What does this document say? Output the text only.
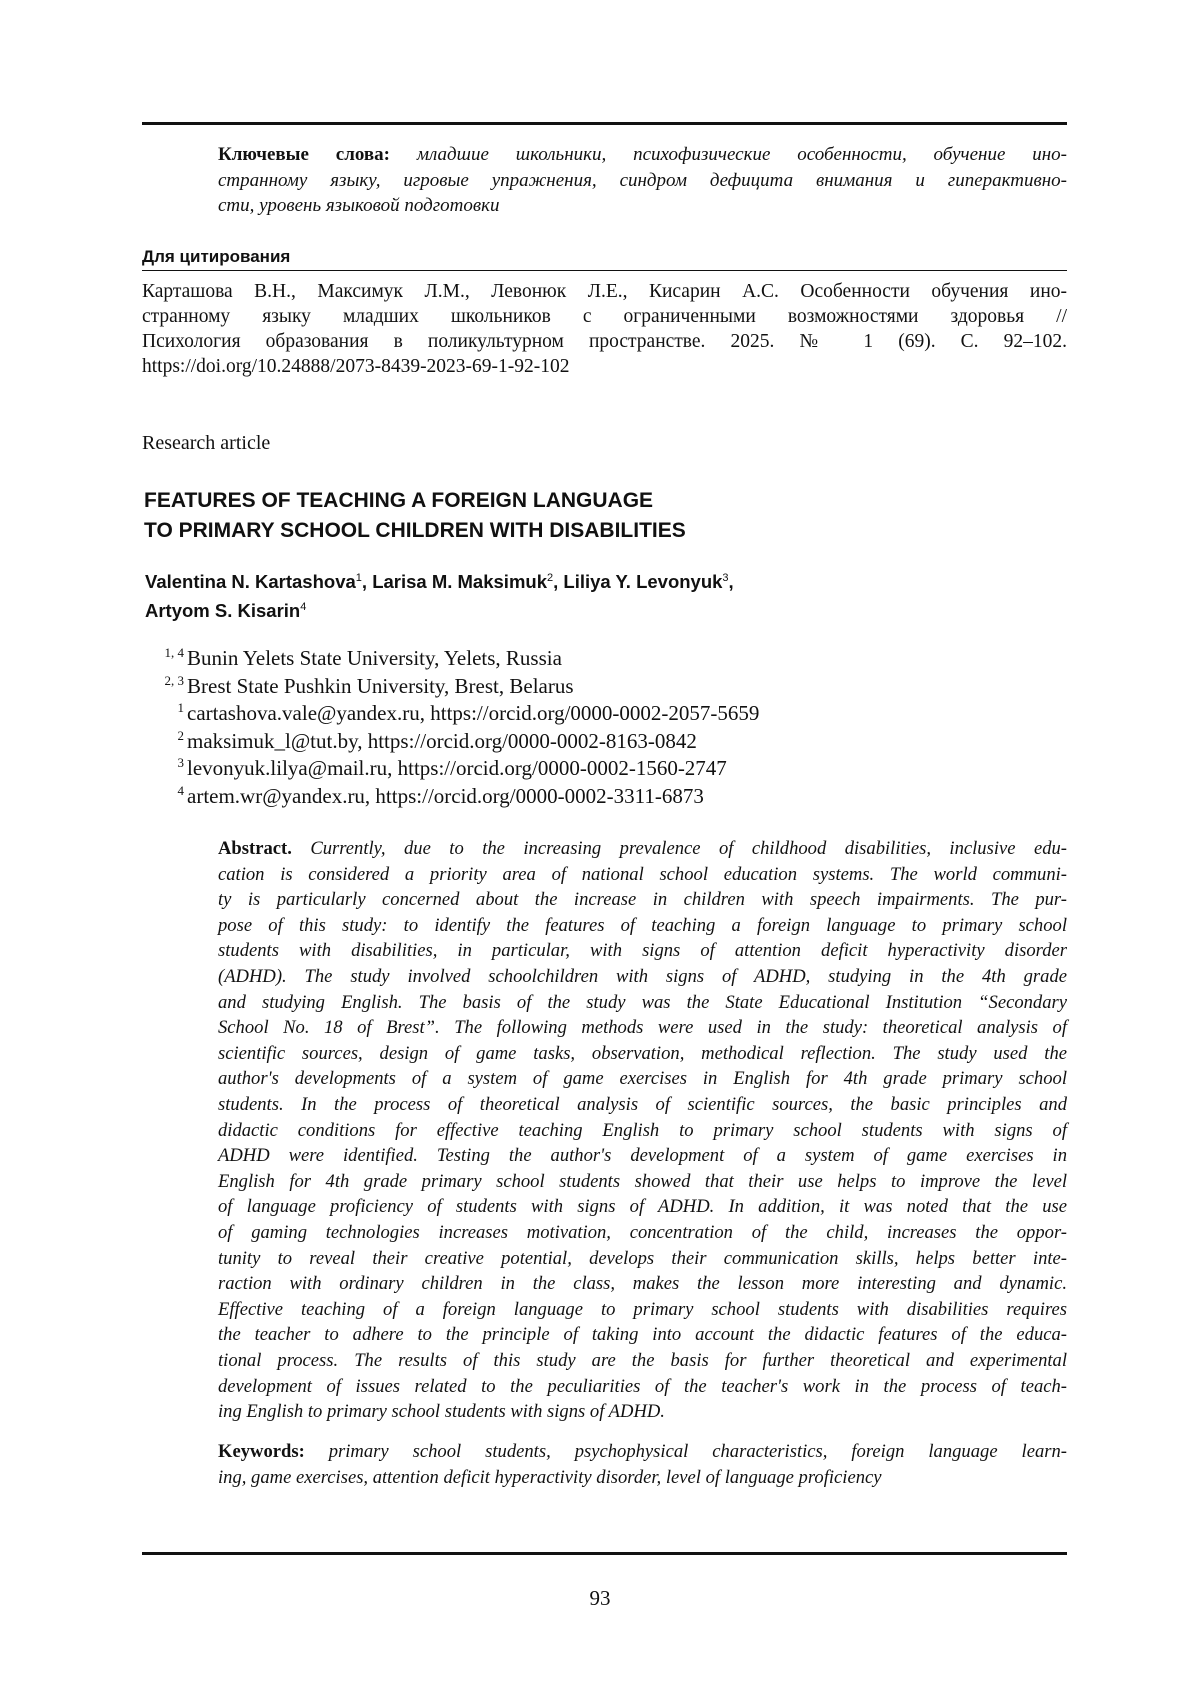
Ключевые слова: младшие школьники, психофизические особенности, обучение ино-
странному языку, игровые упражнения, синдром дефицита внимания и гиперактивно-
сти, уровень языковой подготовки
Для цитирования
Карташова В.Н., Максимук Л.М., Левонюк Л.Е., Кисарин А.С. Особенности обучения ино-
странному языку младших школьников с ограниченными возможностями здоровья //
Психология образования в поликультурном пространстве. 2025. № 1 (69). С. 92–102.
https://doi.org/10.24888/2073-8439-2023-69-1-92-102
Research article
FEATURES OF TEACHING A FOREIGN LANGUAGE
TO PRIMARY SCHOOL CHILDREN WITH DISABILITIES
Valentina N. Kartashova1, Larisa M. Maksimuk2, Liliya Y. Levonyuk3,
Artyom S. Kisarin4
1, 4 Bunin Yelets State University, Yelets, Russia
2, 3 Brest State Pushkin University, Brest, Belarus
1 cartashova.vale@yandex.ru, https://orcid.org/0000-0002-2057-5659
2 maksimuk_l@tut.by, https://orcid.org/0000-0002-8163-0842
3 levonyuk.lilya@mail.ru, https://orcid.org/0000-0002-1560-2747
4 artem.wr@yandex.ru, https://orcid.org/0000-0002-3311-6873
Abstract. Currently, due to the increasing prevalence of childhood disabilities, inclusive edu-
cation is considered a priority area of national school education systems. The world communi-
ty is particularly concerned about the increase in children with speech impairments. The pur-
pose of this study: to identify the features of teaching a foreign language to primary school
students with disabilities, in particular, with signs of attention deficit hyperactivity disorder
(ADHD). The study involved schoolchildren with signs of ADHD, studying in the 4th grade
and studying English. The basis of the study was the State Educational Institution “Secondary
School No. 18 of Brest”. The following methods were used in the study: theoretical analysis of
scientific sources, design of game tasks, observation, methodical reflection. The study used the
author's developments of a system of game exercises in English for 4th grade primary school
students. In the process of theoretical analysis of scientific sources, the basic principles and
didactic conditions for effective teaching English to primary school students with signs of
ADHD were identified. Testing the author's development of a system of game exercises in
English for 4th grade primary school students showed that their use helps to improve the level
of language proficiency of students with signs of ADHD. In addition, it was noted that the use
of gaming technologies increases motivation, concentration of the child, increases the oppor-
tunity to reveal their creative potential, develops their communication skills, helps better inte-
raction with ordinary children in the class, makes the lesson more interesting and dynamic.
Effective teaching of a foreign language to primary school students with disabilities requires
the teacher to adhere to the principle of taking into account the didactic features of the educa-
tional process. The results of this study are the basis for further theoretical and experimental
development of issues related to the peculiarities of the teacher's work in the process of teach-
ing English to primary school students with signs of ADHD.
Keywords: primary school students, psychophysical characteristics, foreign language learn-
ing, game exercises, attention deficit hyperactivity disorder, level of language proficiency
93
